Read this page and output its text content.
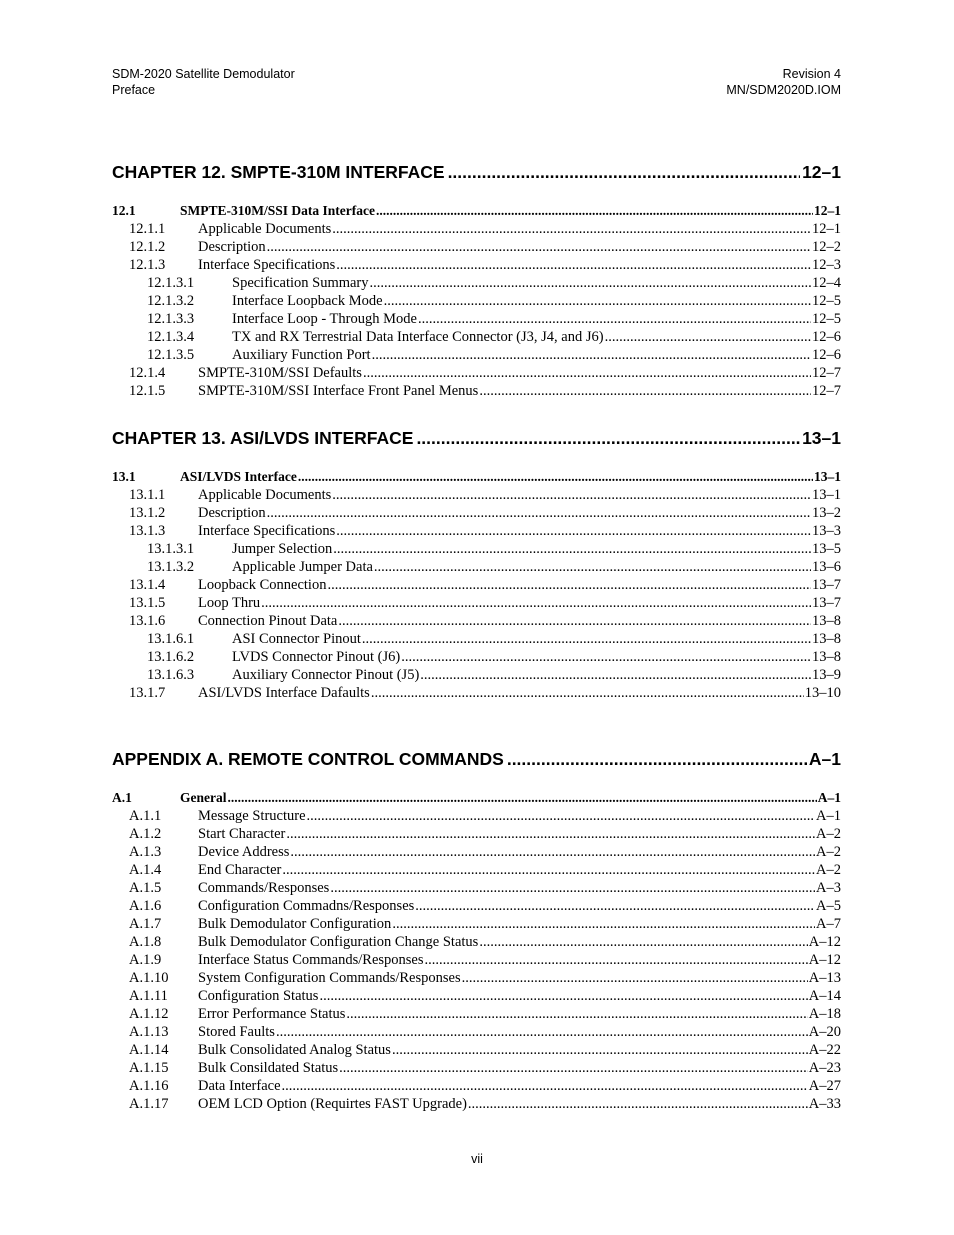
SDM-2020 Satellite Demodulator
Preface
Revision 4
MN/SDM2020D.IOM
CHAPTER 12. SMPTE-310M INTERFACE .....	12–1
12.1	SMPTE-310M/SSI Data Interface .....	12–1
12.1.1	Applicable Documents .....	12–1
12.1.2	Description .....	12–2
12.1.3	Interface Specifications .....	12–3
12.1.3.1	Specification Summary .....	12–4
12.1.3.2	Interface Loopback Mode .....	12–5
12.1.3.3	Interface Loop - Through Mode .....	12–5
12.1.3.4	TX and RX Terrestrial Data Interface Connector (J3, J4, and J6) .....	12–6
12.1.3.5	Auxiliary Function Port .....	12–6
12.1.4	SMPTE-310M/SSI Defaults .....	12–7
12.1.5	SMPTE-310M/SSI Interface Front Panel Menus .....	12–7
CHAPTER 13. ASI/LVDS INTERFACE .....	13–1
13.1	ASI/LVDS Interface .....	13–1
13.1.1	Applicable Documents .....	13–1
13.1.2	Description .....	13–2
13.1.3	Interface Specifications .....	13–3
13.1.3.1	Jumper Selection .....	13–5
13.1.3.2	Applicable Jumper Data .....	13–6
13.1.4	Loopback Connection .....	13–7
13.1.5	Loop Thru .....	13–7
13.1.6	Connection Pinout Data .....	13–8
13.1.6.1	ASI Connector Pinout .....	13–8
13.1.6.2	LVDS Connector Pinout (J6) .....	13–8
13.1.6.3	Auxiliary Connector Pinout (J5) .....	13–9
13.1.7	ASI/LVDS Interface Dafaults .....	13–10
APPENDIX A. REMOTE CONTROL COMMANDS .....	A–1
A.1	General .....	A–1
A.1.1	Message Structure .....	A–1
A.1.2	Start Character .....	A–2
A.1.3	Device Address .....	A–2
A.1.4	End Character .....	A–2
A.1.5	Commands/Responses .....	A–3
A.1.6	Configuration Commadns/Responses .....	A–5
A.1.7	Bulk Demodulator Configuration .....	A–7
A.1.8	Bulk Demodulator Configuration Change Status .....	A–12
A.1.9	Interface Status Commands/Responses .....	A–12
A.1.10	System Configuration Commands/Responses .....	A–13
A.1.11	Configuration Status .....	A–14
A.1.12	Error Performance Status .....	A–18
A.1.13	Stored Faults .....	A–20
A.1.14	Bulk Consolidated Analog Status .....	A–22
A.1.15	Bulk Consildated Status .....	A–23
A.1.16	Data Interface .....	A–27
A.1.17	OEM LCD Option (Requirtes FAST Upgrade) .....	A–33
vii
